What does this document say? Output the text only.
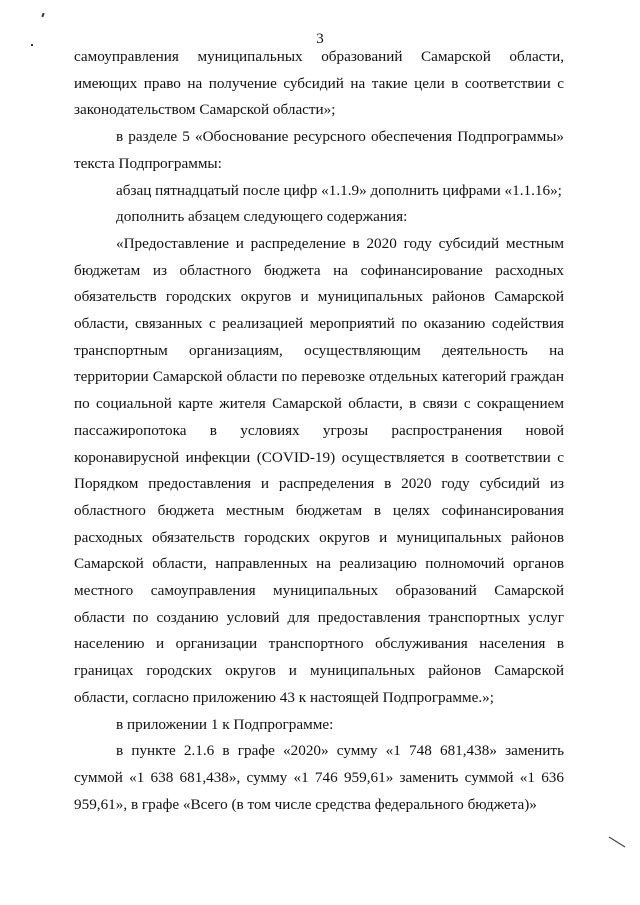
3

самоуправления муниципальных образований Самарской области, имеющих право на получение субсидий на такие цели в соответствии с законодательством Самарской области»;

в разделе 5 «Обоснование ресурсного обеспечения Подпрограммы» текста Подпрограммы:

абзац пятнадцатый после цифр «1.1.9» дополнить цифрами «1.1.16»;

дополнить абзацем следующего содержания:

«Предоставление и распределение в 2020 году субсидий местным бюджетам из областного бюджета на софинансирование расходных обязательств городских округов и муниципальных районов Самарской области, связанных с реализацией мероприятий по оказанию содействия транспортным организациям, осуществляющим деятельность на территории Самарской области по перевозке отдельных категорий граждан по социальной карте жителя Самарской области, в связи с сокращением пассажиропотока в условиях угрозы распространения новой коронавирусной инфекции (COVID-19) осуществляется в соответствии с Порядком предоставления и распределения в 2020 году субсидий из областного бюджета местным бюджетам в целях софинансирования расходных обязательств городских округов и муниципальных районов Самарской области, направленных на реализацию полномочий органов местного самоуправления муниципальных образований Самарской области по созданию условий для предоставления транспортных услуг населению и организации транспортного обслуживания населения в границах городских округов и муниципальных районов Самарской области, согласно приложению 43 к настоящей Подпрограмме.»;

в приложении 1 к Подпрограмме:

в пункте 2.1.6 в графе «2020» сумму «1 748 681,438» заменить суммой «1 638 681,438», сумму «1 746 959,61» заменить суммой «1 636 959,61», в графе «Всего (в том числе средства федерального бюджета)»
